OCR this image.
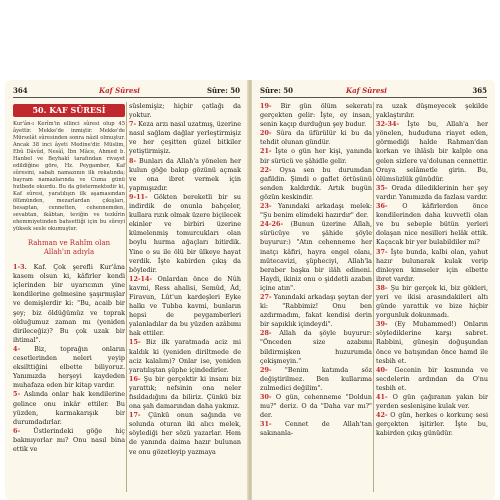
364	Kaf Sûresi	Sûre: 50
50. KAF SÛRESİ
Kur'ân-ı Kerîm'in ellinci sûresi olup 45 âyettir. Mekke'de inmiştir. Mekke'de Mürselât sûresinden sonra nâzil olmuştur. Ancak 38 inci âyeti Medine'dir. Müslim, Ebû Dâvûd, Nesâî, İbn Mâce, Ahmed b. Hanbel ve Beyhakî tarafından rivayet edildiğine göre, Hz. Peygamber, Kaf sûresini, sabah namazının ilk rekatında; bayram namazlarında ve Cuma günü hutbede okurdu. Bu da göstermektedir ki, Kaf sûresi, yaratılışın ilk aşamasından ölümünden, mezarlardan çıkışları, hesaptan, cennetten, cehennemden, sevabtan, ikâbtan, teviğin ve tezkîrin ehemmiyetinden bahsettiği için bu sûreyi yüksek sesle okumuştur.
Rahman ve Rahîm olan
Allah'ın adıyla

1-3. Kaf. Çok şerefli Kur'âna kasem olsun ki, kâfirler kendi içlerinden bir uyarıcının yine kendilerine gelmesine şaşırmışlar ve demişlerdir ki: "Bu, acaib bir şey; biz öldüğümüz ve toprak olduğumuz zaman mı (yeniden dirileceğiz)? Bu çok uzak bir ihtimal".

4- Biz, toprağın onların cesetlerinden neleri yeyip eksilttiğini elbette biliyoruz. Yanımızda herşeyi kaydeden muhafaza eden bir kitap vardır.

5- Aslında onlar hak kendilerine gelince onu inkâr ettiler. Bu yüzden, karmakarışık bir durumdadırlar.

6- Üstlerindeki göğe hiç bakmıyorlar mı? Onu nasıl bina ettik ve

süslemişiz; hiçbir çatlağı da yoktur.

7- Keza arzı nasıl uzatmış, üzerine nasıl sağlam dağlar yerleştirmişiz ve her çeşitten güzel bitkiler yetiştirmişiz.

8- Bunları da Allah'a yönelen her kulun göğe bakıp gözünü açmak ve ona ibret vermek için yapmışızdır.

9-11- Gökten bereketli bir su indirdik de onunla bahçeler, kullara rızık olmak üzere biçilecek ekinler ve birbiri üzerine kümelenmiş tomurcukları olan boylu hurma ağaçları bitirdik. Yine o su ile ölü bir ülkeye hayat verdik. İşte kabirden çıkış da böyledir.

12-14- Onlardan önce de Nûh kavmi, Ress ahalisi, Semûd, Âd, Firavun, Lût'un kardeşleri Eyke halkı ve Tubba kavmi, bunların hepsi de peygamberleri yalanladılar da bu yüzden azâbımı hak ettiler.

15- Biz ilk yaratmada aciz mi kaldık ki (yeniden diriltmede de aciz kalalım)? Onlar ise, yeniden yaratılıştan şüphe içindedirler.

16- Şu bir gerçektir ki insanı biz yarattık; nefsinin ona neler fısıldadığını da biliriz. Çünkü biz ona şah damarından daha yakınız.

17- Çünkü onun sağında ve solunda oturan iki alıcı melek, söylediği her sözü yazarlar. Hem de yanında daima hazır bulunan ve onu gözetleyip yazmaya

Sûre: 50	Kaf Sûresi	365

19- Bir gün ölüm sekeratı gerçekten gelir: İşte, ey insan, senin kaçıp durduğun şey budur.

20- Sûra da üfürülür ki bu da tehdit olunan gündür.

21- İşte o gün her kişi, yanında bir sürücü ve şâhidle gelir.

22- Oysa sen bu durumdan gafildin. Şimdi o gaflet örtüsünü senden kaldırdık. Artık bugün gözün keskindir.

23- Yanındaki arkadaşı melek: "Şu benim elimdeki hazırdır" der.

24-26- (Bunun üzerine Allah, sürücüye ve şâhide şöyle buyurur:) "Atın cehenneme her inatçı kâfiri, hayra engel olanı, mütecavizi, şüpheciyi, Allah'la beraber başka bir ilâh edineni. Haydi, ikiniz onu o şiddetli azabın içine atın".

27- Yanındaki arkadaşı şeytan der ki: "Rabbimiz! Onu ben azdırmadım, fakat kendisi derin bir sapıklık içindeydi".

28- Allah da şöyle buyurur: "Önceden size azabımı bildirmişken huzurumda çekişmeyin."

29- "Benim katımda söz değiştirilmez. Ben kullarıma zulmedici değilim".

30- O gün, cehenneme "Doldun mu?" deriz. O da "Daha var mı?" der.

31- Cennet de Allah'tan sakınanla-

ra uzak düşmeyecek şekilde yaklaştırılır.

32-34- İşte bu, Allah'a her yönelen, hududuna riayet eden, görmediği halde Rahman'dan korkan ve ihlâslı bir kalple ona gelen sizlere va'dolunan cennettir. Oraya selâmetle girin. Bu, ölümsüzlük günüdür.

35- Orada dilediklerinin her şey vardır. Yanımızda da fazlası vardır.

36- O kâfirlerden önce kendilerinden daha kuvvetli olan ve bu sebeple bütün yerleri dolaşan nice nesilleri helâk ettik. Kaçacak bir yer bulabildiler mi?

37- İşte bunda, kalbi olan, yahut hazır bulunarak kulak verip dinleyen kimseler için elbette ibret vardır.

38- Şu bir gerçek ki, biz gökleri, yeri ve ikisi arasındakileri altı günde yarattık ve bize hiçbir yorgunluk dokunmadı.

39- (Ey Muhammed!) Onların söylediklerine karşı sabret. Rabbini, güneşin doğuşundan önce ve batışından önce hamd ile tesbih et.

40- Gecenin bir kısmında ve secdelerin ardından da O'nu tesbih et.

41- O gün çağıranın yakın bir yerden seslenişine kulak ver.

42- O gün, herkes o korkunç sesi gerçekten işitirler. İşte bu, kabirden çıkış günüdür.
